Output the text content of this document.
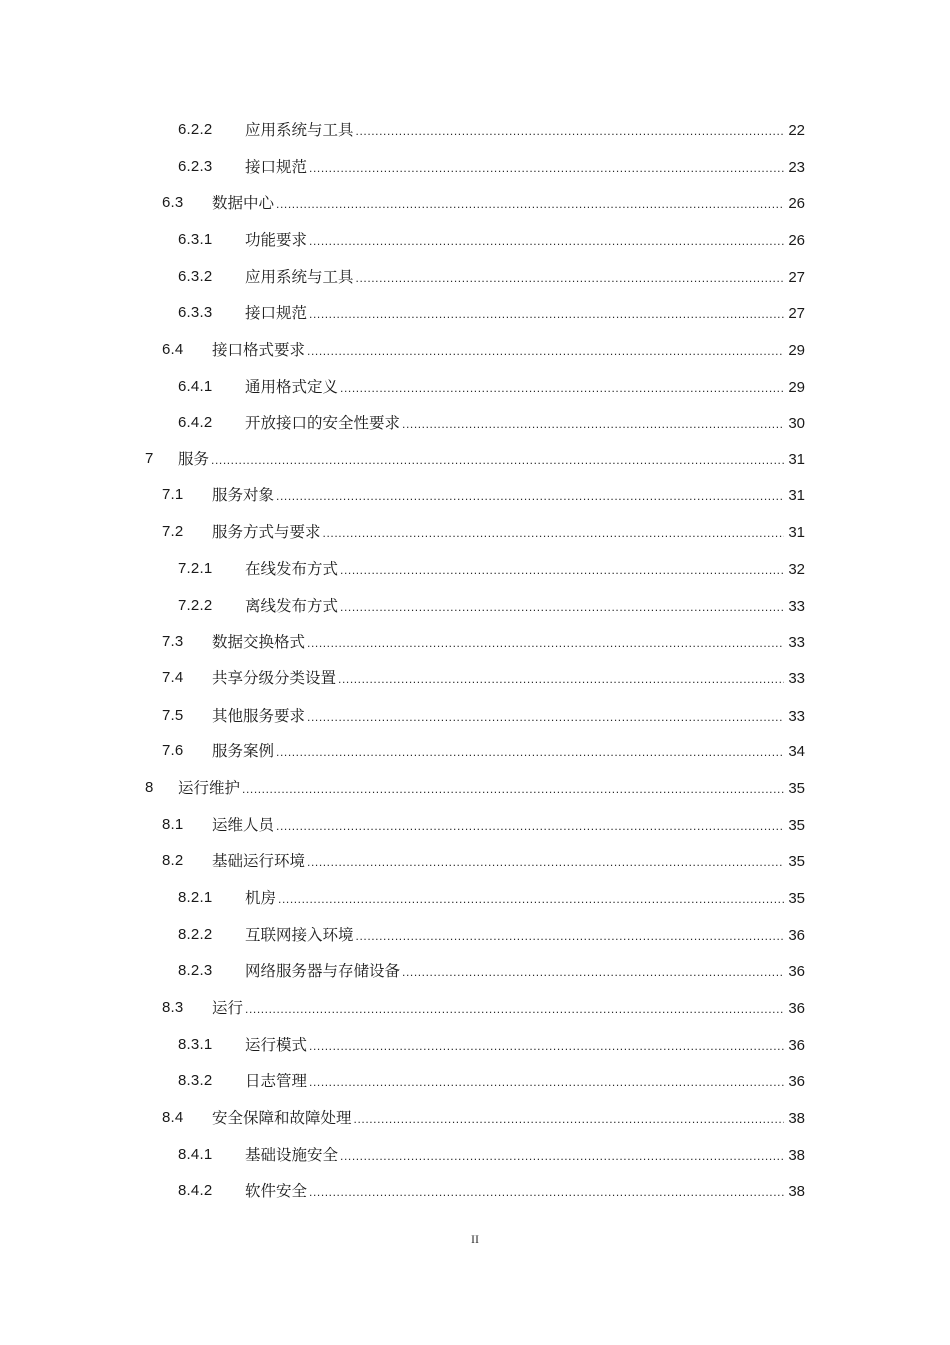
6.2.2 应用系统与工具 .....	22
6.2.3 接口规范 .....	23
6.3 数据中心 .....	26
6.3.1 功能要求 .....	26
6.3.2 应用系统与工具 .....	27
6.3.3 接口规范 .....	27
6.4 接口格式要求 .....	29
6.4.1 通用格式定义 .....	29
6.4.2 开放接口的安全性要求 .....	30
7 服务 .....	31
7.1 服务对象 .....	31
7.2 服务方式与要求 .....	31
7.2.1 在线发布方式 .....	32
7.2.2 离线发布方式 .....	33
7.3 数据交换格式 .....	33
7.4 共享分级分类设置 .....	33
7.5 其他服务要求 .....	33
7.6 服务案例 .....	34
8 运行维护 .....	35
8.1 运维人员 .....	35
8.2 基础运行环境 .....	35
8.2.1 机房 .....	35
8.2.2 互联网接入环境 .....	36
8.2.3 网络服务器与存储设备 .....	36
8.3 运行 .....	36
8.3.1 运行模式 .....	36
8.3.2 日志管理 .....	36
8.4 安全保障和故障处理 .....	38
8.4.1 基础设施安全 .....	38
8.4.2 软件安全 .....	38
II
